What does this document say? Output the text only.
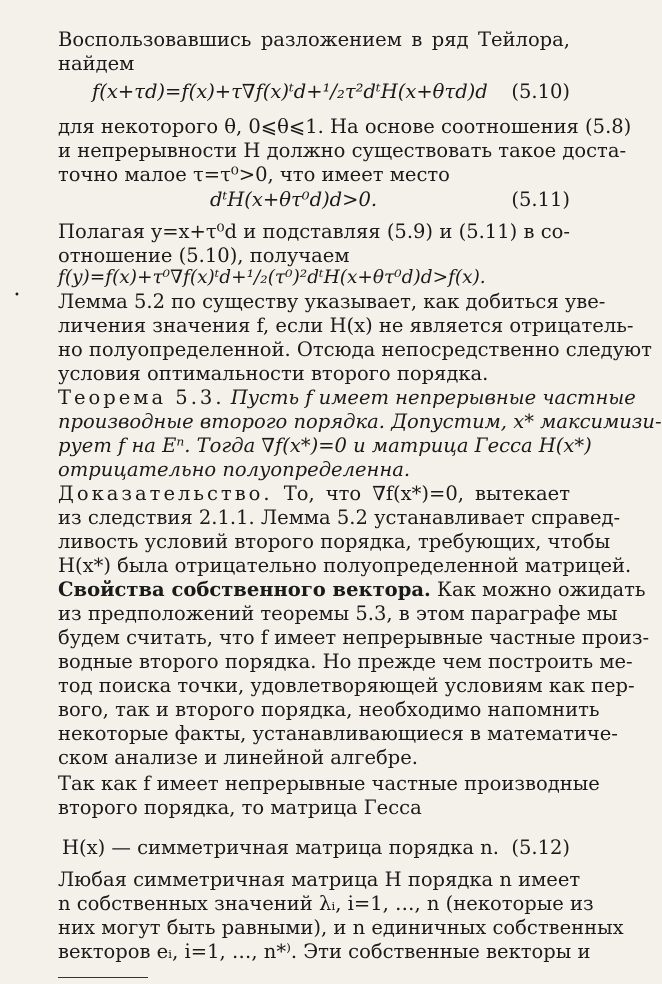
Воспользовавшись разложением в ряд Тейлора,
найдем
f(x+τd)=f(x)+τ∇f(x)ᵗd+¹/₂τ²dᵗH(x+θτd)d (5.10)
для некоторого θ, 0⩽θ⩽1. На основе соотношения (5.8)
и непрерывности H должно существовать такое доста-
точно малое τ=τ⁰>0, что имеет место
dᵗH(x+θτ⁰d)d>0.	(5.11)
Полагая y=x+τ⁰d и подставляя (5.9) и (5.11) в со-
отношение (5.10), получаем
f(y)=f(x)+τ⁰∇f(x)ᵗd+¹/₂(τ⁰)²dᵗH(x+θτ⁰d)d>f(x).
• Лемма 5.2 по существу указывает, как добиться уве-
личения значения f, если H(x) не является отрицатель-
но полуопределенной. Отсюда непосредственно следуют
условия оптимальности второго порядка.
Теорема 5.3. Пусть f имеет непрерывные частные
производные второго порядка. Допустим, x* максимизи-
рует f на Eⁿ. Тогда ∇f(x*)=0 и матрица Гесса H(x*)
отрицательно полуопределенна.
Доказательство. То, что ∇f(x*)=0, вытекает
из следствия 2.1.1. Лемма 5.2 устанавливает справед-
ливость условий второго порядка, требующих, чтобы
H(x*) была отрицательно полуопределенной матрицей.
Свойства собственного вектора. Как можно ожидать
из предположений теоремы 5.3, в этом параграфе мы
будем считать, что f имеет непрерывные частные произ-
водные второго порядка. Но прежде чем построить ме-
тод поиска точки, удовлетворяющей условиям как пер-
вого, так и второго порядка, необходимо напомнить
некоторые факты, устанавливающиеся в математиче-
ском анализе и линейной алгебре.
Так как f имеет непрерывные частные производные
второго порядка, то матрица Гесса
H(x) — симметричная матрица порядка n. (5.12)
Любая симметричная матрица H порядка n имеет
n собственных значений λᵢ, i=1, …, n (некоторые из
них могут быть равными), и n единичных собственных
векторов eᵢ, i=1, …, n*⁾. Эти собственные векторы и
